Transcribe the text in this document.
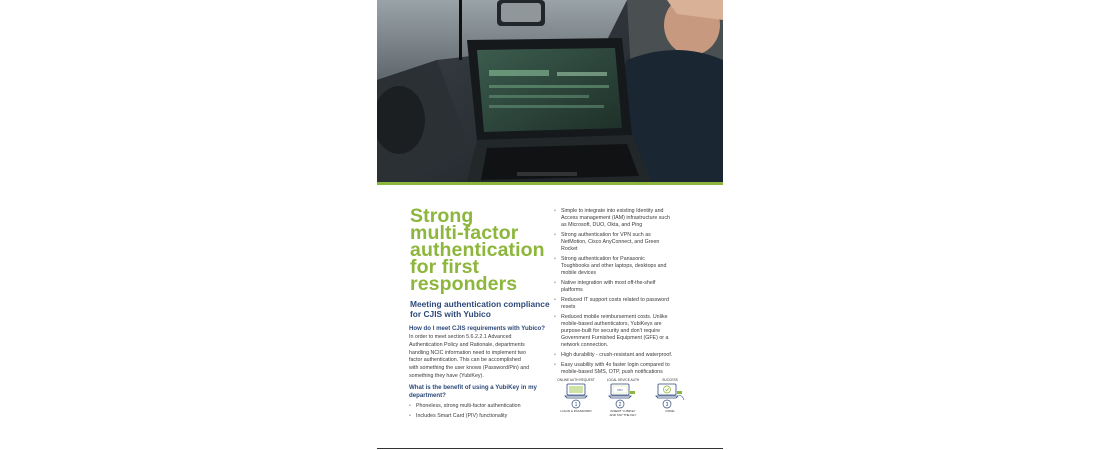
Strong
multi-factor
authentication
for first
responders
Meeting authentication compliance
for CJIS with Yubico
How do I meet CJIS requirements with Yubico?

In order to meet section 5.6.2.2.1 Advanced
Authentication Policy and Rationale, departments
handling NCIC information need to implement two
factor authentication. This can be accomplished
with something the user knows (Password/Pin) and
something they have (YubiKey).

What is the benefit of using a YubiKey in my
department?
• Phoneless, strong multi-factor authentication
• Includes Smart Card (PIV) functionality
• Simple to integrate into existing Identity and
Access management (IAM) infrastructure such
as Microsoft, DUO, Okta, and Ping
• Strong authentication for VPN such as
NetMotion, Cisco AnyConnect, and Green
Rocket
• Strong authentication for Panasonic
Toughbooks and other laptops, desktops and
mobile devices
• Native integration with most off-the-shelf
platforms
• Reduced IT support costs related to password
resets
• Reduced mobile reimbursement costs. Unlike
mobile-based authenticators, YubiKeys are
purpose-built for security and don't require
Government Furnished Equipment (GFE) or a
network connection.
• High durability - crush-resistant and waterproof.
• Easy usability with 4x faster login compared to
mobile-based SMS, OTP, push notifications
ONLINE AUTH REQUEST
1
LOGIN & PASSWORD
LOCAL DEVICE AUTH
PIN
2
INSERT YUBIKEY
AND TAP THE KEY
SUCCESS
3
DONE
